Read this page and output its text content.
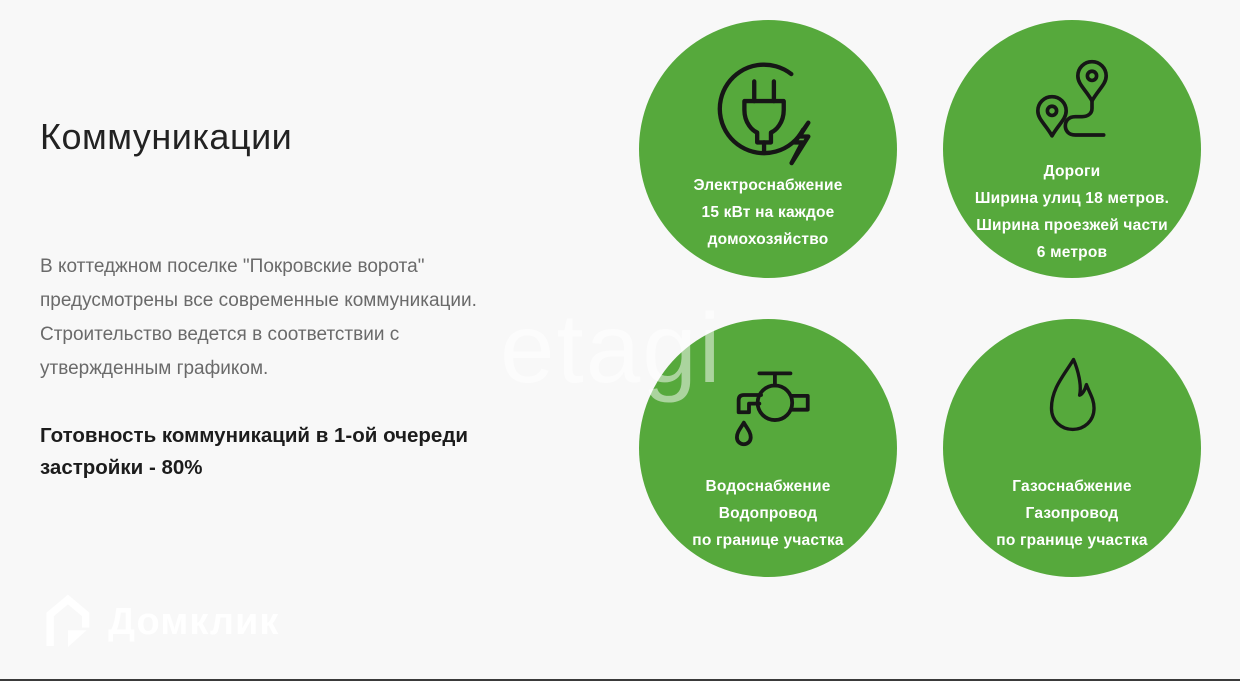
Коммуникации

В коттеджном поселке "Покровские ворота" предусмотрены все современные коммуникации. Строительство ведется в соответствии с утвержденным графиком.

Готовность коммуникаций в 1-ой очереди застройки - 80%

Электроснабжение
15 кВт на каждое
домохозяйство
Дороги
Ширина улиц 18 метров.
Ширина проезжей части
6 метров
Водоснабжение
Водопровод
по границе участка
Газоснабжение
Газопровод
по границе участка
etagi
Домклик
